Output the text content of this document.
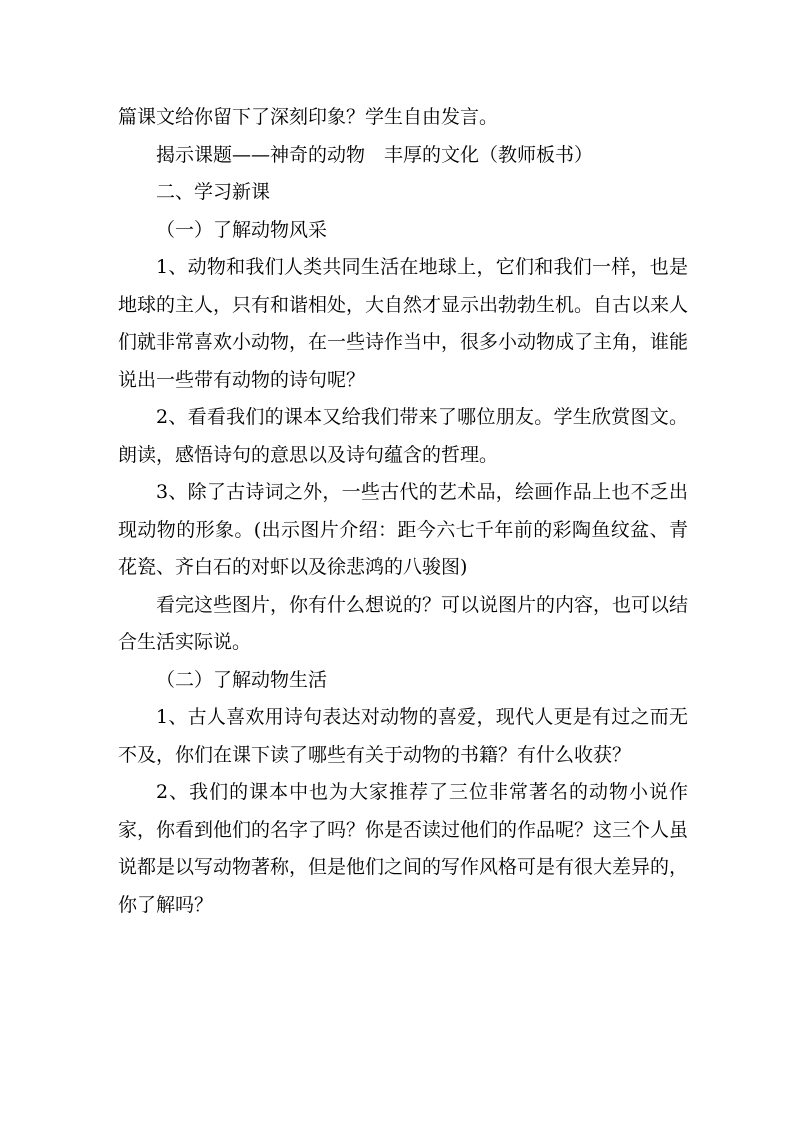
篇课文给你留下了深刻印象？学生自由发言。

揭示课题——神奇的动物　丰厚的文化（教师板书）

二、学习新课

（一）了解动物风采

1、动物和我们人类共同生活在地球上，它们和我们一样，也是地球的主人，只有和谐相处，大自然才显示出勃勃生机。自古以来人们就非常喜欢小动物，在一些诗作当中，很多小动物成了主角，谁能说出一些带有动物的诗句呢？

2、看看我们的课本又给我们带来了哪位朋友。学生欣赏图文。朗读，感悟诗句的意思以及诗句蕴含的哲理。

3、除了古诗词之外，一些古代的艺术品，绘画作品上也不乏出现动物的形象。(出示图片介绍：距今六七千年前的彩陶鱼纹盆、青花瓷、齐白石的对虾以及徐悲鸿的八骏图)

看完这些图片，你有什么想说的？可以说图片的内容，也可以结合生活实际说。

（二）了解动物生活

1、古人喜欢用诗句表达对动物的喜爱，现代人更是有过之而无不及，你们在课下读了哪些有关于动物的书籍？有什么收获？

2、我们的课本中也为大家推荐了三位非常著名的动物小说作家，你看到他们的名字了吗？你是否读过他们的作品呢？这三个人虽说都是以写动物著称，但是他们之间的写作风格可是有很大差异的，你了解吗？
